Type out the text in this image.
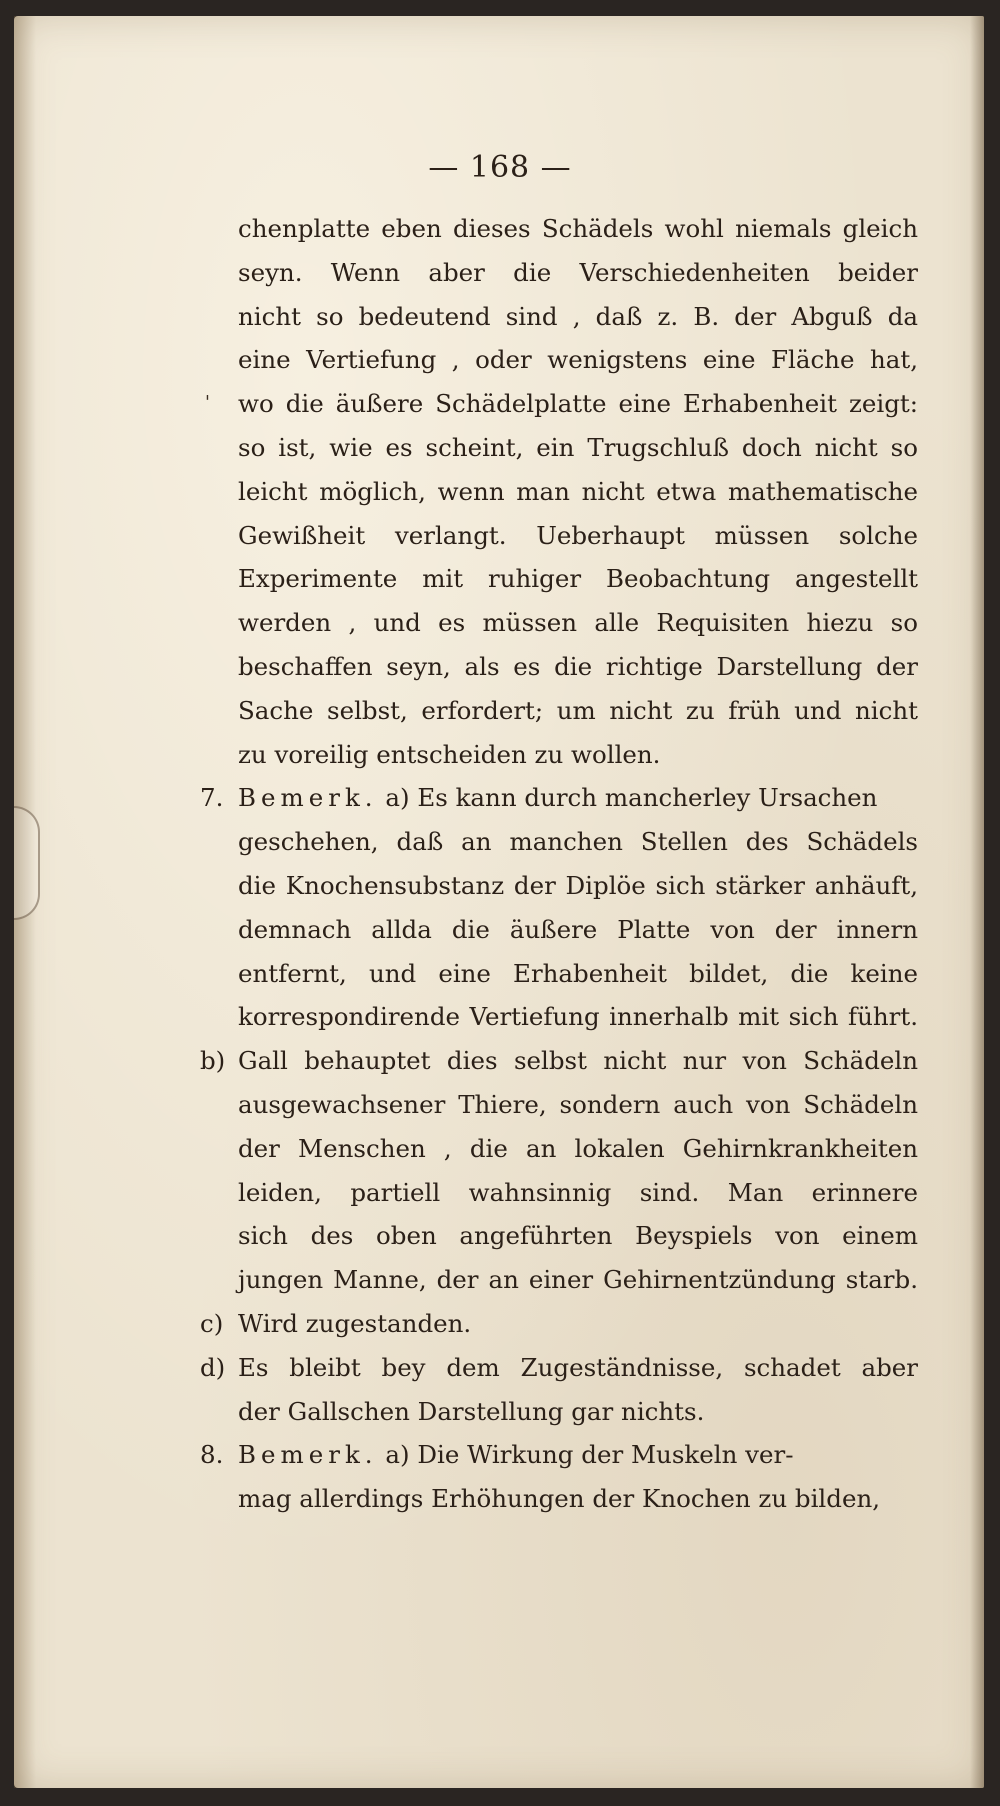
— 168 —
'
chenplatte eben dieses Schädels wohl niemals gleich
seyn. Wenn aber die Verschiedenheiten beider
nicht so bedeutend sind , daß z. B. der Abguß da
eine Vertiefung , oder wenigstens eine Fläche hat,
wo die äußere Schädelplatte eine Erhabenheit zeigt:
so ist, wie es scheint, ein Trugschluß doch nicht so
leicht möglich, wenn man nicht etwa mathematische
Gewißheit verlangt. Ueberhaupt müssen solche
Experimente mit ruhiger Beobachtung angestellt
werden , und es müssen alle Requisiten hiezu so
beschaffen seyn, als es die richtige Darstellung der
Sache selbst, erfordert; um nicht zu früh und nicht
zu voreilig entscheiden zu wollen.
7. Bemerk. a) Es kann durch mancherley Ursachen
geschehen, daß an manchen Stellen des Schädels
die Knochensubstanz der Diplöe sich stärker anhäuft,
demnach allda die äußere Platte von der innern
entfernt, und eine Erhabenheit bildet, die keine
korrespondirende Vertiefung innerhalb mit sich führt.
b) Gall behauptet dies selbst nicht nur von Schädeln
ausgewachsener Thiere, sondern auch von Schädeln
der Menschen , die an lokalen Gehirnkrankheiten
leiden, partiell wahnsinnig sind. Man erinnere
sich des oben angeführten Beyspiels von einem
jungen Manne, der an einer Gehirnentzündung starb.
c) Wird zugestanden.
d) Es bleibt bey dem Zugeständnisse, schadet aber
der Gallschen Darstellung gar nichts.
8. Bemerk. a) Die Wirkung der Muskeln ver-
mag allerdings Erhöhungen der Knochen zu bilden,
